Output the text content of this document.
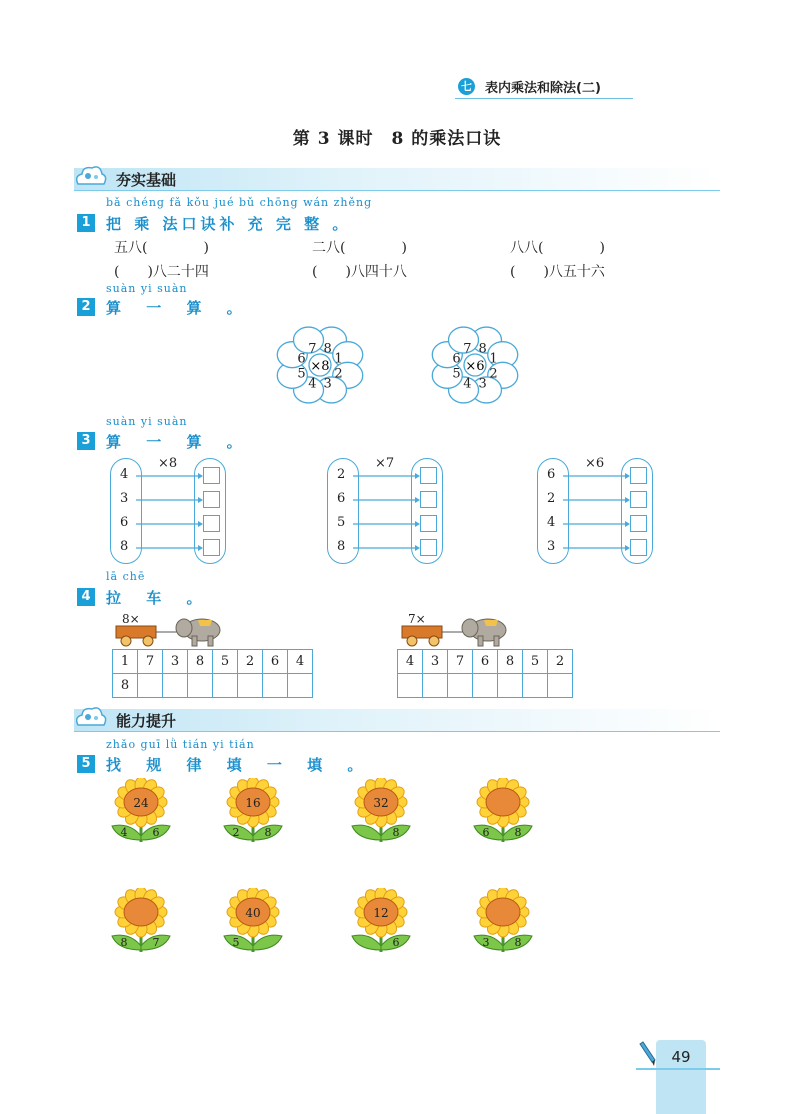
七 表内乘法和除法(二)
第 3 课时　8 的乘法口诀
夯实基础
bǎ chéng fǎ kǒu jué bǔ chōng wán zhěng
1 把 乘 法口诀补 充 完 整 。
五八(　　　　)	二八(　　　　)	八八(　　　　)
(　　)八二十四	(　　)八四十八	(　　)八五十六
suàn yi suàn
2 算 一 算 。
8
1
2
3
4
5
6
7
×8
8
1
2
3
4
5
6
7
×6
suàn yi suàn
3 算 一 算 。
×8
4
3
6
8
×7
2
6
5
8
×6
6
2
4
3
lā chē
4 拉 车 。
8×
1	7	3	8	5	2	6	4
8							
7×
4	3	7	6	8	5	2

能力提升
zhǎo guī lǜ tián yi tián
5 找 规 律 填 一 填 。
24
4 6
16
2 8
32
8	6 8
8 7
40
5
12
6	3 8
49
